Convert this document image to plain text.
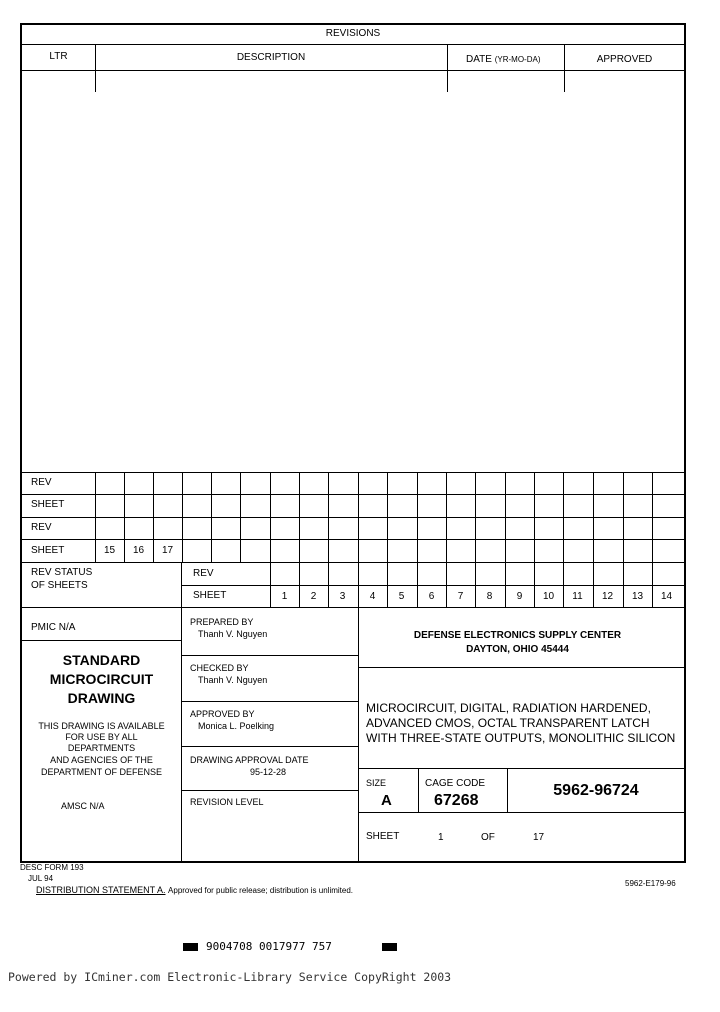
REVISIONS
LTR	DESCRIPTION	DATE (YR-MO-DA)	APPROVED
REV
SHEET
REV
SHEET	15	16	17
REV STATUS
OF SHEETS
REV
SHEET	1	2	3	4	5	6	7	8	9	10	11	12	13	14
PMIC N/A
STANDARD
MICROCIRCUIT
DRAWING
THIS DRAWING IS AVAILABLE
FOR USE BY ALL
DEPARTMENTS
AND AGENCIES OF THE
DEPARTMENT OF DEFENSE
AMSC N/A
PREPARED BY
Thanh V. Nguyen
CHECKED BY
Thanh V. Nguyen
APPROVED BY
Monica L. Poelking
DRAWING APPROVAL DATE
95-12-28
REVISION LEVEL
DEFENSE ELECTRONICS SUPPLY CENTER
DAYTON, OHIO 45444
MICROCIRCUIT, DIGITAL, RADIATION HARDENED,
ADVANCED CMOS, OCTAL TRANSPARENT LATCH
WITH THREE-STATE OUTPUTS, MONOLITHIC SILICON
SIZE
A
CAGE CODE
67268
5962-96724
SHEET	1	OF	17
DESC FORM 193
JUL 94
DISTRIBUTION STATEMENT A. Approved for public release; distribution is unlimited.
5962-E179-96
9004708 0017977 757
Powered by ICminer.com Electronic-Library Service CopyRight 2003
